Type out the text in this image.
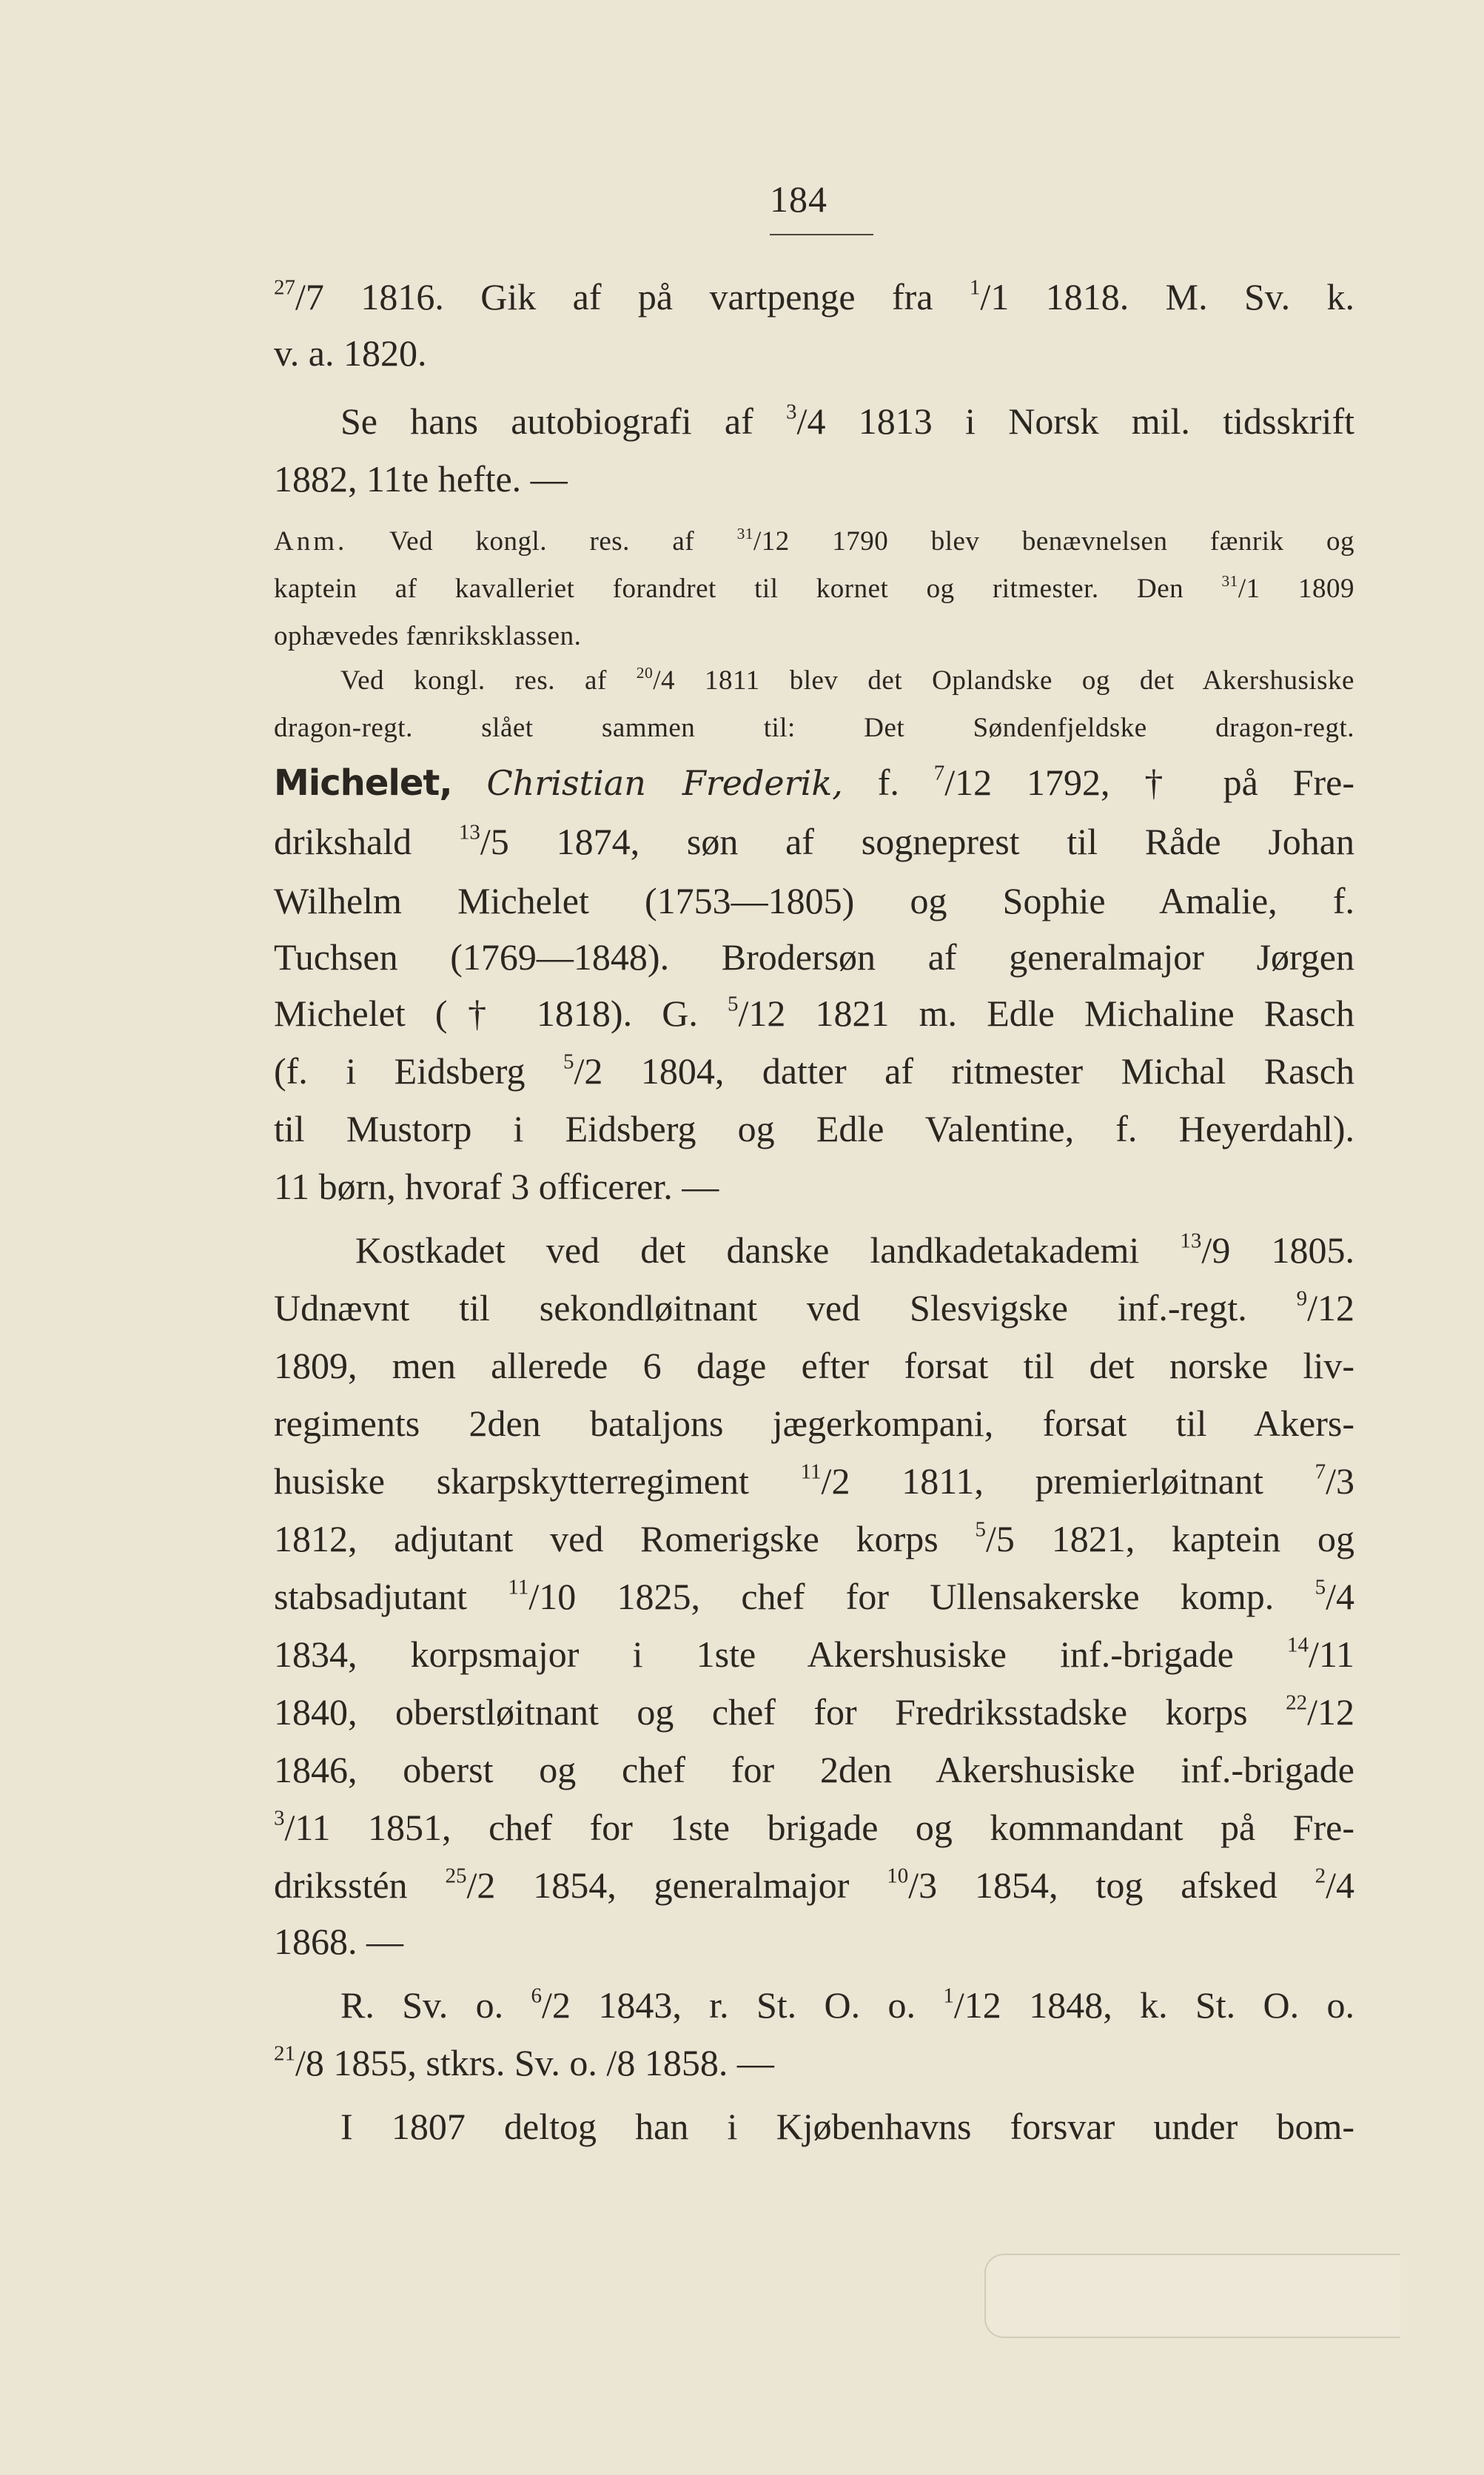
184
$^{27}$/7 1816. Gik af på vartpenge fra $^1$/1 1818. M. Sv. k.
v. a. 1820.
Se hans autobiografi af $^3$/4 1813 i Norsk mil. tidsskrift
1882, 11te hefte. —
Anm. Ved kongl. res. af $^{31}$/12 1790 blev benævnelsen fænrik og
kaptein af kavalleriet forandret til kornet og ritmester. Den $^{31}$/1 1809
ophævedes fænriksklassen.
Ved kongl. res. af $^{20}$/4 1811 blev det Oplandske og det Akershusiske
dragon-regt. slået sammen til: Det Søndenfjeldske dragon-regt.
Michelet, Christian Frederik, f. $^7$/12 1792, † på Fre-
drikshald $^{13}$/5 1874, søn af sogneprest til Råde Johan
Wilhelm Michelet (1753—1805) og Sophie Amalie, f.
Tuchsen (1769—1848). Brodersøn af generalmajor Jørgen
Michelet († 1818). G. $^5$/12 1821 m. Edle Michaline Rasch
(f. i Eidsberg $^5$/2 1804, datter af ritmester Michal Rasch
til Mustorp i Eidsberg og Edle Valentine, f. Heyerdahl).
11 børn, hvoraf 3 officerer. —
Kostkadet ved det danske landkadetakademi $^{13}$/9 1805.
Udnævnt til sekondløitnant ved Slesvigske inf.-regt. $^9$/12
1809, men allerede 6 dage efter forsat til det norske liv-
regiments 2den bataljons jægerkompani, forsat til Akers-
husiske skarpskytterregiment $^{11}$/2 1811, premierløitnant $^7$/3
1812, adjutant ved Romerigske korps $^5$/5 1821, kaptein og
stabsadjutant $^{11}$/10 1825, chef for Ullensakerske komp. $^5$/4
1834, korpsmajor i 1ste Akershusiske inf.-brigade $^{14}$/11
1840, oberstløitnant og chef for Fredriksstadske korps $^{22}$/12
1846, oberst og chef for 2den Akershusiske inf.-brigade
$^3$/11 1851, chef for 1ste brigade og kommandant på Fre-
driksstén $^{25}$/2 1854, generalmajor $^{10}$/3 1854, tog afsked $^2$/4
1868. —
R. Sv. o. $^6$/2 1843, r. St. O. o. $^1$/12 1848, k. St. O. o.
$^{21}$/8 1855, stkrs. Sv. o. /8 1858. —
I 1807 deltog han i Kjøbenhavns forsvar under bom-
